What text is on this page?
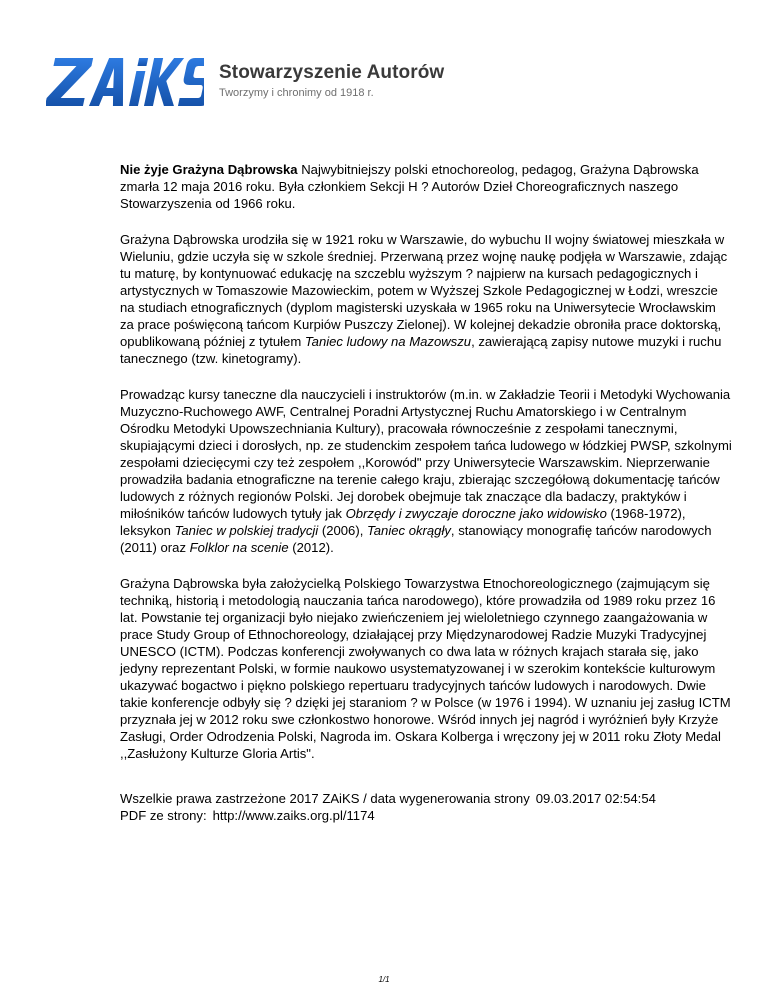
Stowarzyszenie Autorów
Tworzymy i chronimy od 1918 r.

Nie żyje Grażyna Dąbrowska Najwybitniejszy polski etnochoreolog, pedagog, Grażyna Dąbrowska zmarła 12 maja 2016 roku. Była członkiem Sekcji H ? Autorów Dzieł Choreograficznych naszego Stowarzyszenia od 1966 roku.

Grażyna Dąbrowska urodziła się w 1921 roku w Warszawie, do wybuchu II wojny światowej mieszkała w Wieluniu, gdzie uczyła się w szkole średniej. Przerwaną przez wojnę naukę podjęła w Warszawie, zdając tu maturę, by kontynuować edukację na szczeblu wyższym ? najpierw na kursach pedagogicznych i artystycznych w Tomaszowie Mazowieckim, potem w Wyższej Szkole Pedagogicznej w Łodzi, wreszcie na studiach etnograficznych (dyplom magisterski uzyskała w 1965 roku na Uniwersytecie Wrocławskim za prace poświęconą tańcom Kurpiów Puszczy Zielonej). W kolejnej dekadzie obroniła prace doktorską, opublikowaną później z tytułem Taniec ludowy na Mazowszu, zawierającą zapisy nutowe muzyki i ruchu tanecznego (tzw. kinetogramy).

Prowadząc kursy taneczne dla nauczycieli i instruktorów (m.in. w Zakładzie Teorii i Metodyki Wychowania Muzyczno-Ruchowego AWF, Centralnej Poradni Artystycznej Ruchu Amatorskiego i w Centralnym Ośrodku Metodyki Upowszechniania Kultury), pracowała równocześnie z zespołami tanecznymi, skupiającymi dzieci i dorosłych, np. ze studenckim zespołem tańca ludowego w łódzkiej PWSP, szkolnymi zespołami dziecięcymi czy też zespołem ,,Korowód" przy Uniwersytecie Warszawskim. Nieprzerwanie prowadziła badania etnograficzne na terenie całego kraju, zbierając szczegółową dokumentację tańców ludowych z różnych regionów Polski. Jej dorobek obejmuje tak znaczące dla badaczy, praktyków i miłośników tańców ludowych tytuły jak Obrzędy i zwyczaje doroczne jako widowisko (1968-1972), leksykon Taniec w polskiej tradycji (2006), Taniec okrągły, stanowiący monografię tańców narodowych (2011) oraz Folklor na scenie (2012).

Grażyna Dąbrowska była założycielką Polskiego Towarzystwa Etnochoreologicznego (zajmującym się techniką, historią i metodologią nauczania tańca narodowego), które prowadziła od 1989 roku przez 16 lat. Powstanie tej organizacji było niejako zwieńczeniem jej wieloletniego czynnego zaangażowania w prace Study Group of Ethnochoreology, działającej przy Międzynarodowej Radzie Muzyki Tradycyjnej UNESCO (ICTM). Podczas konferencji zwoływanych co dwa lata w różnych krajach starała się, jako jedyny reprezentant Polski, w formie naukowo usystematyzowanej i w szerokim kontekście kulturowym ukazywać bogactwo i piękno polskiego repertuaru tradycyjnych tańców ludowych i narodowych. Dwie takie konferencje odbyły się ? dzięki jej staraniom ? w Polsce (w 1976 i 1994). W uznaniu jej zasług ICTM przyznała jej w 2012 roku swe członkostwo honorowe. Wśród innych jej nagród i wyróżnień były Krzyże Zasługi, Order Odrodzenia Polski, Nagroda im. Oskara Kolberga i wręczony jej w 2011 roku Złoty Medal ,,Zasłużony Kulturze Gloria Artis".

Wszelkie prawa zastrzeżone 2017 ZAiKS / data wygenerowania strony 09.03.2017 02:54:54
PDF ze strony: http://www.zaiks.org.pl/1174
1/1
